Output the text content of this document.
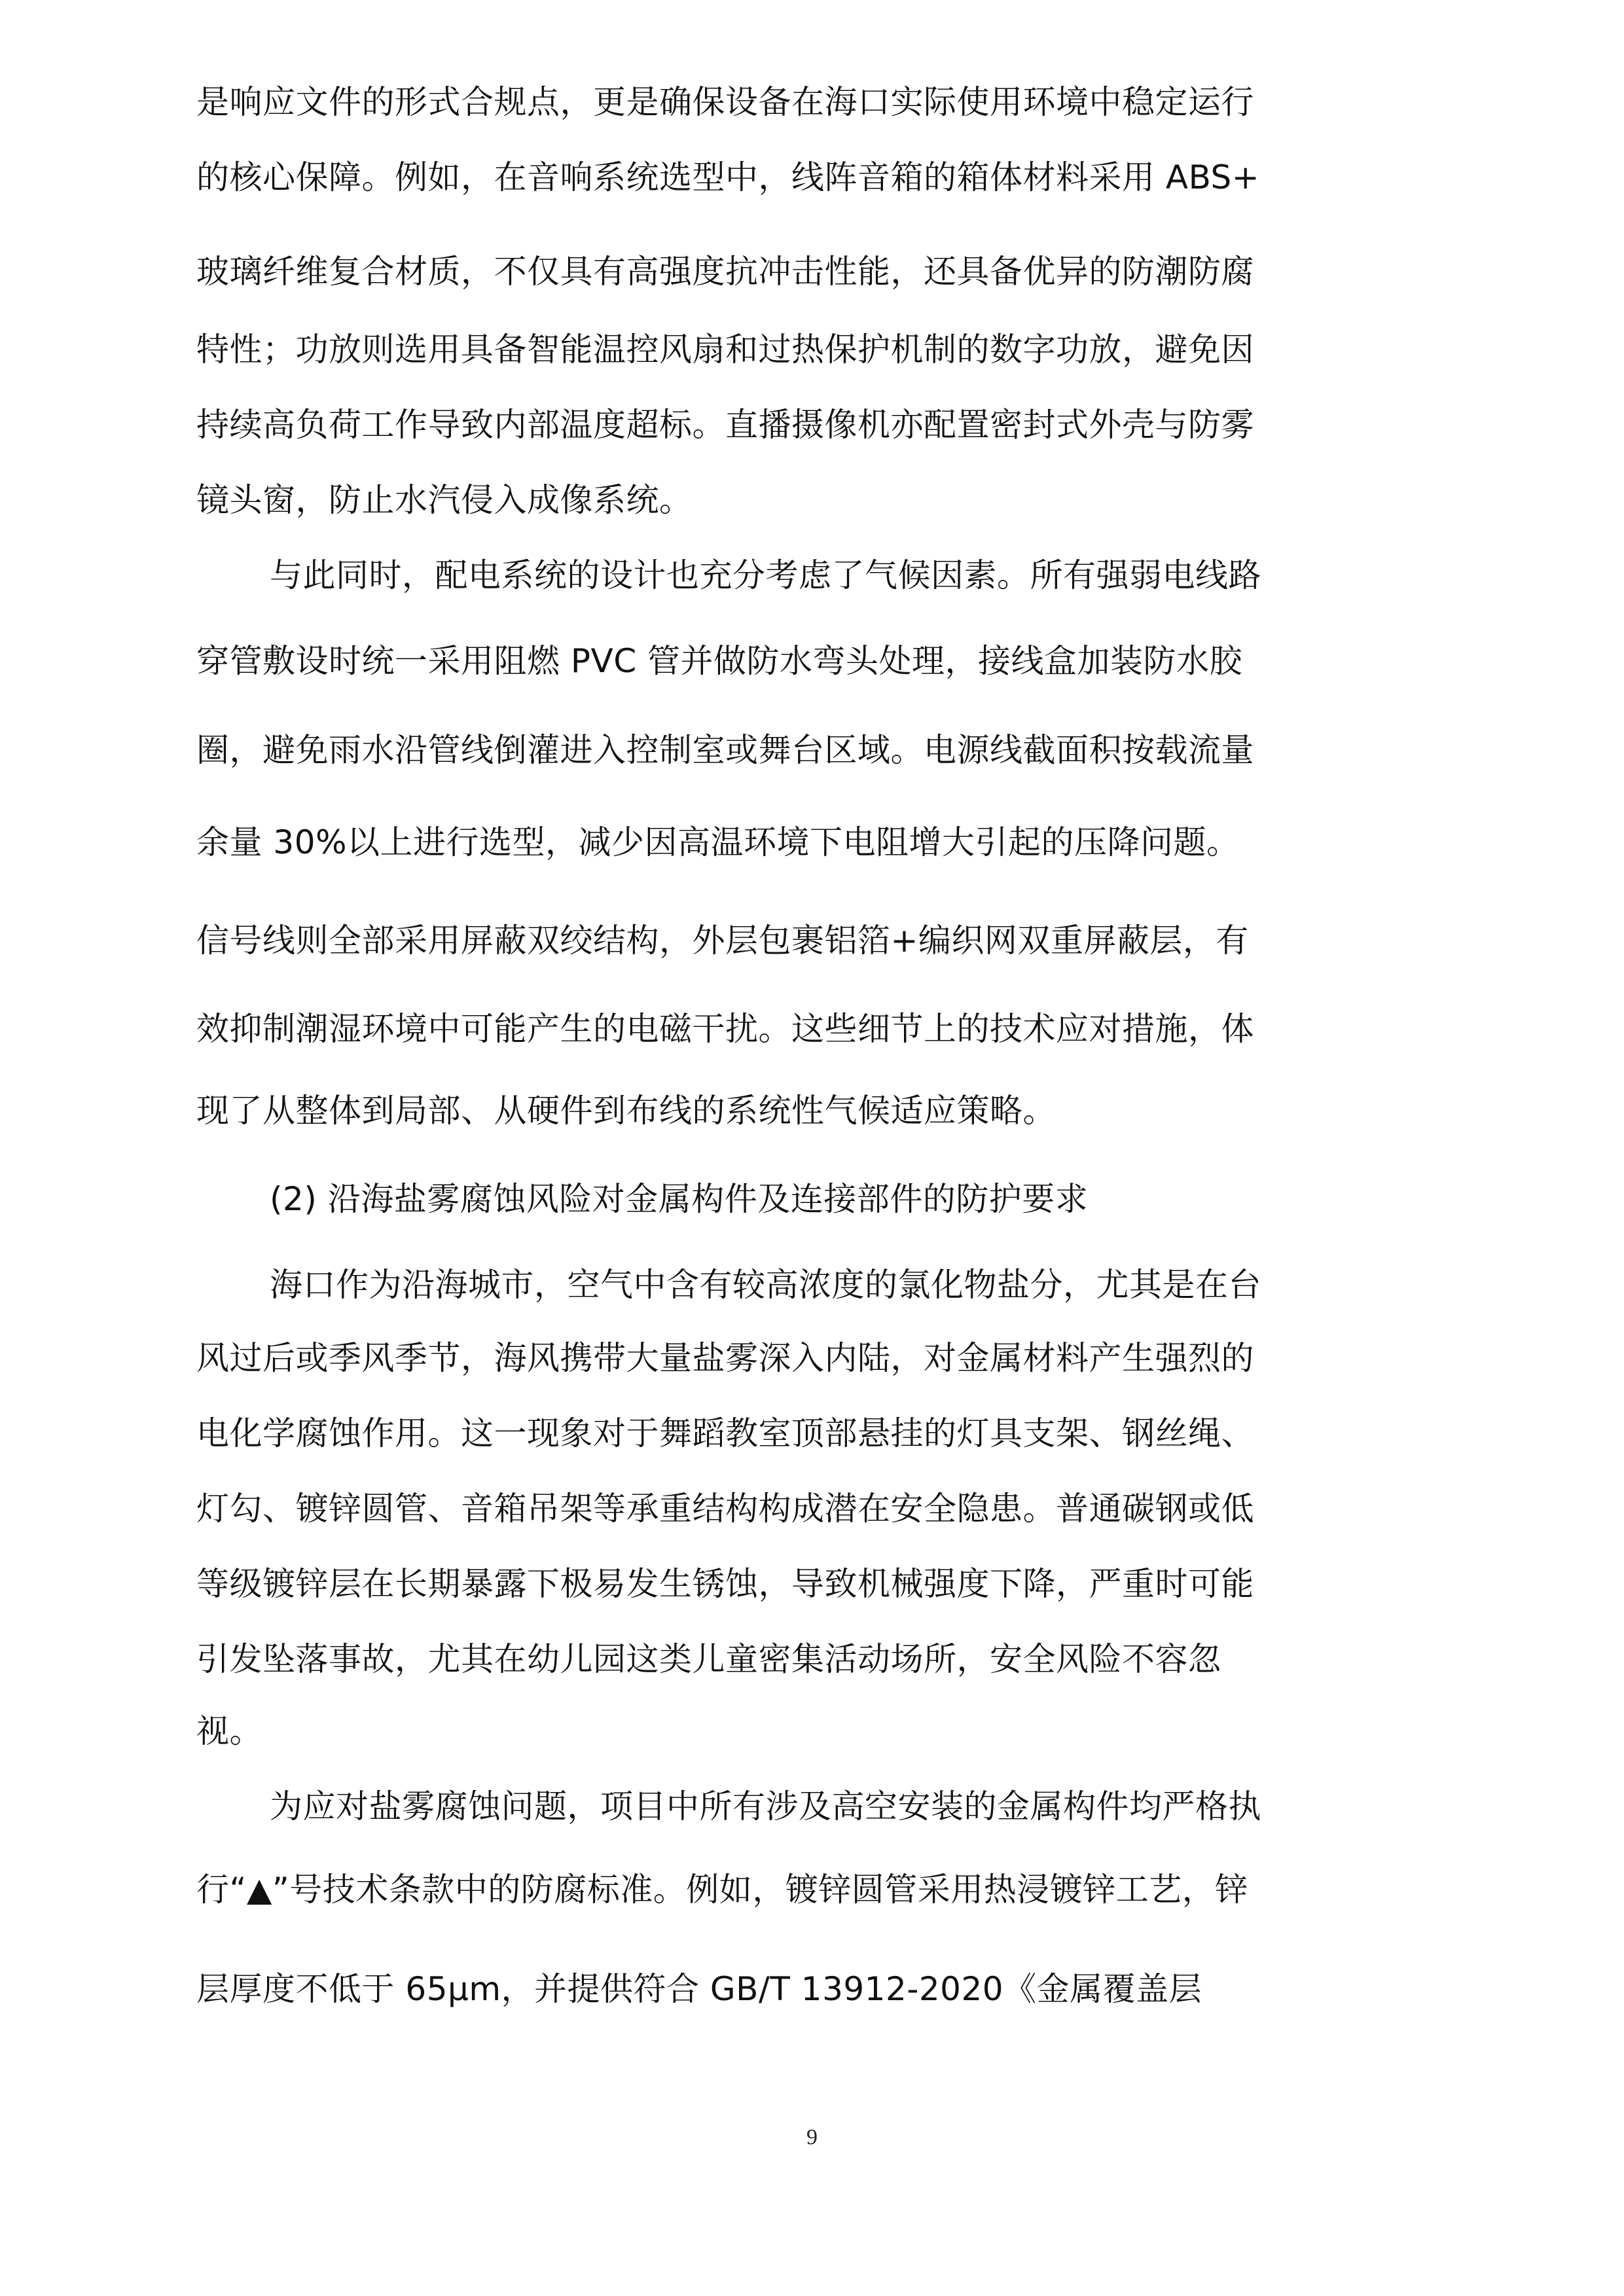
是响应文件的形式合规点，更是确保设备在海口实际使用环境中稳定运行

的核心保障。例如，在音响系统选型中，线阵音箱的箱体材料采用 ABS+

玻璃纤维复合材质，不仅具有高强度抗冲击性能，还具备优异的防潮防腐

特性；功放则选用具备智能温控风扇和过热保护机制的数字功放，避免因

持续高负荷工作导致内部温度超标。直播摄像机亦配置密封式外壳与防雾

镜头窗，防止水汽侵入成像系统。

与此同时，配电系统的设计也充分考虑了气候因素。所有强弱电线路

穿管敷设时统一采用阻燃 PVC 管并做防水弯头处理，接线盒加装防水胶

圈，避免雨水沿管线倒灌进入控制室或舞台区域。电源线截面积按载流量

余量 30%以上进行选型，减少因高温环境下电阻增大引起的压降问题。

信号线则全部采用屏蔽双绞结构，外层包裹铝箔+编织网双重屏蔽层，有

效抑制潮湿环境中可能产生的电磁干扰。这些细节上的技术应对措施，体

现了从整体到局部、从硬件到布线的系统性气候适应策略。

(2) 沿海盐雾腐蚀风险对金属构件及连接部件的防护要求

海口作为沿海城市，空气中含有较高浓度的氯化物盐分，尤其是在台

风过后或季风季节，海风携带大量盐雾深入内陆，对金属材料产生强烈的

电化学腐蚀作用。这一现象对于舞蹈教室顶部悬挂的灯具支架、钢丝绳、

灯勾、镀锌圆管、音箱吊架等承重结构构成潜在安全隐患。普通碳钢或低

等级镀锌层在长期暴露下极易发生锈蚀，导致机械强度下降，严重时可能

引发坠落事故，尤其在幼儿园这类儿童密集活动场所，安全风险不容忽

视。

为应对盐雾腐蚀问题，项目中所有涉及高空安装的金属构件均严格执

行“▲”号技术条款中的防腐标准。例如，镀锌圆管采用热浸镀锌工艺，锌

层厚度不低于 65μm，并提供符合 GB/T 13912-2020《金属覆盖层

9
